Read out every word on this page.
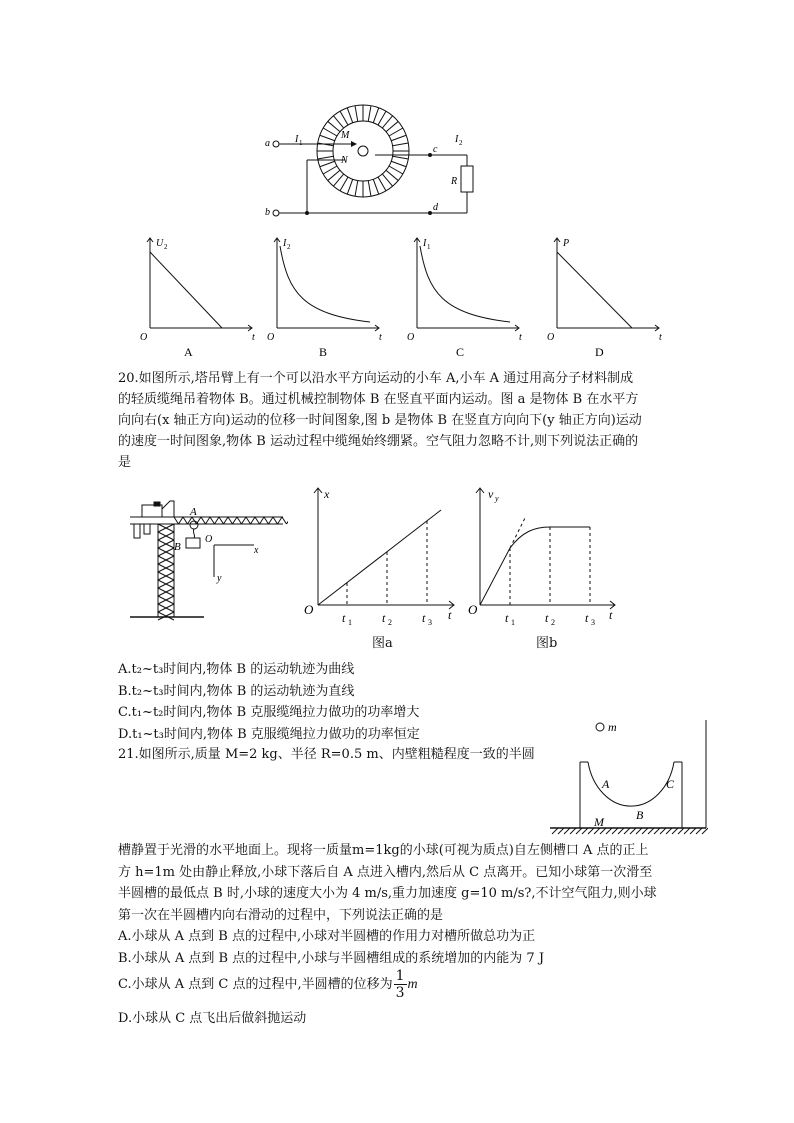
a
b
I 1	I 2
M
N
c
d
R
U 2
t
O
I 2
t
O
I 1
t
O
P
t
O
A	B	C	D
20.如图所示,塔吊臂上有一个可以沿水平方向运动的小车 A,小车 A 通过用高分子材料制成
的轻质缆绳吊着物体 B。通过机械控制物体 B 在竖直平面内运动。图 a 是物体 B 在水平方
向向右(x 轴正方向)运动的位移一时间图象,图 b 是物体 B 在竖直方向向下(y 轴正方向)运动
的速度一时间图象,物体 B 运动过程中缆绳始终绷紧。空气阻力忽略不计,则下列说法正确的
是
A
B
O
x
y
x
t
O
t 1	t 2	t 3
图a
v y
t
O
t 1	t 2	t 3
图b
A.t₂~t₃时间内,物体 B 的运动轨迹为曲线
B.t₂~t₃时间内,物体 B 的运动轨迹为直线
C.t₁~t₂时间内,物体 B 克服缆绳拉力做功的功率增大
D.t₁~t₃时间内,物体 B 克服缆绳拉力做功的功率恒定
21.如图所示,质量 M=2 kg、半径 R=0.5 m、内壁粗糙程度一致的半圆
m
A	C
B
M
槽静置于光滑的水平地面上。现将一质量m=1kg的小球(可视为质点)自左侧槽口 A 点的正上
方 h=1m 处由静止释放,小球下落后自 A 点进入槽内,然后从 C 点离开。已知小球第一次滑至
半圆槽的最低点 B 时,小球的速度大小为 4 m/s,重力加速度 g=10 m/s?,不计空气阻力,则小球
第一次在半圆槽内向右滑动的过程中，下列说法正确的是
A.小球从 A 点到 B 点的过程中,小球对半圆槽的作用力对槽所做总功为正
B.小球从 A 点到 B 点的过程中,小球与半圆槽组成的系统增加的内能为 7 J
C.小球从 A 点到 C 点的过程中,半圆槽的位移为 $\frac{1}{3}$ m
D.小球从 C 点飞出后做斜抛运动
